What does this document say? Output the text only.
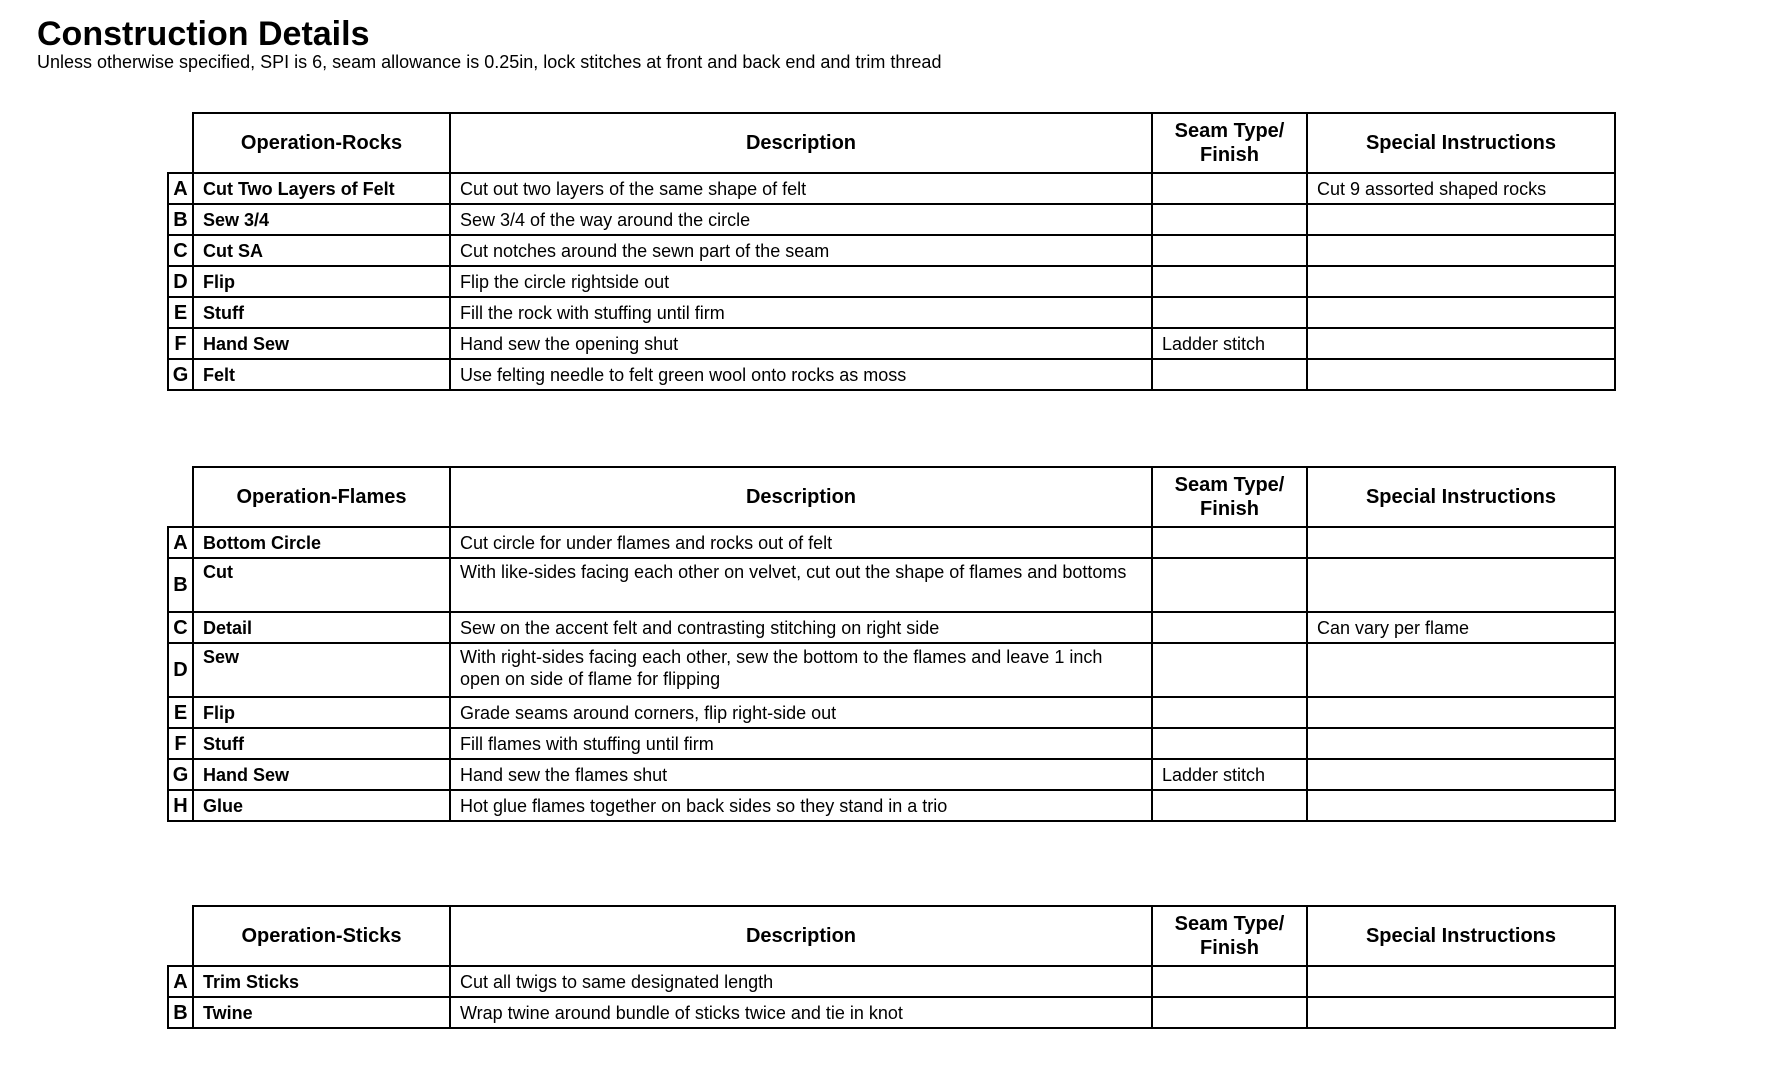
Construction Details
Unless otherwise specified, SPI is 6, seam allowance is 0.25in, lock stitches at front and back end and trim thread
	Operation-Rocks	Description	Seam Type/
Finish	Special Instructions
A	Cut Two Layers of Felt	Cut out two layers of the same shape of felt		Cut 9 assorted shaped rocks
B	Sew 3/4	Sew 3/4 of the way around the circle		
C	Cut SA	Cut notches around the sewn part of the seam		
D	Flip	Flip the circle rightside out		
E	Stuff	Fill the rock with stuffing until firm		
F	Hand Sew	Hand sew the opening shut	Ladder stitch	
G	Felt	Use felting needle to felt green wool onto rocks as moss		
	Operation-Flames	Description	Seam Type/
Finish	Special Instructions
A	Bottom Circle	Cut circle for under flames and rocks out of felt		
B	Cut	With like-sides facing each other on velvet, cut out the shape of flames and bottoms		
C	Detail	Sew on the accent felt and contrasting stitching on right side		Can vary per flame
D	Sew	With right-sides facing each other, sew the bottom to the flames and leave 1 inch open on side of flame for flipping		
E	Flip	Grade seams around corners, flip right-side out		
F	Stuff	Fill flames with stuffing until firm		
G	Hand Sew	Hand sew the flames shut	Ladder stitch	
H	Glue	Hot glue flames together on back sides so they stand in a trio		
	Operation-Sticks	Description	Seam Type/
Finish	Special Instructions
A	Trim Sticks	Cut all twigs to same designated length		
B	Twine	Wrap twine around bundle of sticks twice and tie in knot		
